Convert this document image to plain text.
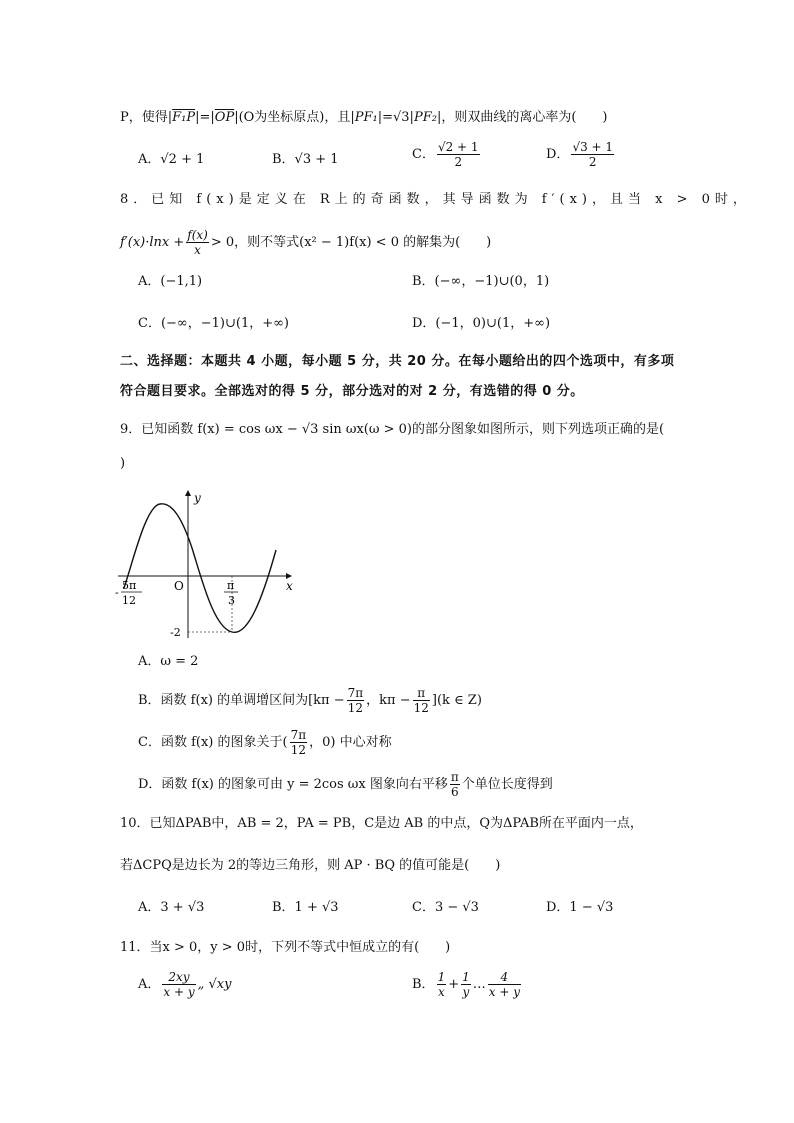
P，使得$|F_1P|=|\overline{OP}|(O$为坐标原点)，且|PF₁|=√3|PF₂|，则双曲线的离心率为(　　)
A．√2 + 1	B．√3 + 1	C． $\frac{√2 + 1}{2}$	D． $\frac{√3 + 1}{2}$
8．已知 f(x)是定义在 R上的奇函数，其导函数为 f′(x)，且当 x > 0时，
$f'(x)\cdot\ln x + \frac{f(x)}{x} > 0$，则不等式(x² − 1)f(x) < 0 的解集为(　　)
A．(−1,1)	B．(−∞，−1)∪(0，1)
C．(−∞，−1)∪(1，+∞)	D．(−1，0)∪(1，+∞)
二、选择题：本题共 4 小题，每小题 5 分，共 20 分。在每小题给出的四个选项中，有多项
符合题目要求。全部选对的得 5 分，部分选对的对 2 分，有选错的得 0 分。
9．已知函数 f(x) = cos ωx − √3 sin ωx(ω > 0)的部分图象如图所示，则下列选项正确的是(
)
y
x
O
5π
12
-
π
3
-2
A．ω = 2
B．函数 f(x) 的单调增区间为[$k\pi - \frac{7\pi}{12}$ ，$k\pi - \frac{\pi}{12} ](k$ ∈ Z)
C．函数 f(x) 的图象关于( $\frac{7\pi}{12}$ ，0) 中心对称
D．函数 f(x) 的图象可由 y = 2cos ωx 图象向右平移 $\frac{\pi}{6}$ 个单位长度得到
10．已知ΔPAB中，AB = 2，PA = PB，C是边 AB 的中点，Q为ΔPAB所在平面内一点，
若ΔCPQ是边长为 2的等边三角形，则 AP · BQ 的值可能是(　　)
A．3 + √3	B．1 + √3	C．3 − √3	D．1 − √3
11．当x > 0，y > 0时，下列不等式中恒成立的有(　　)
A． $\frac{2xy}{x + y}$ „ √xy	B． $\frac{1}{x} + \frac{1}{y}$ … $\frac{4}{x + y}$
